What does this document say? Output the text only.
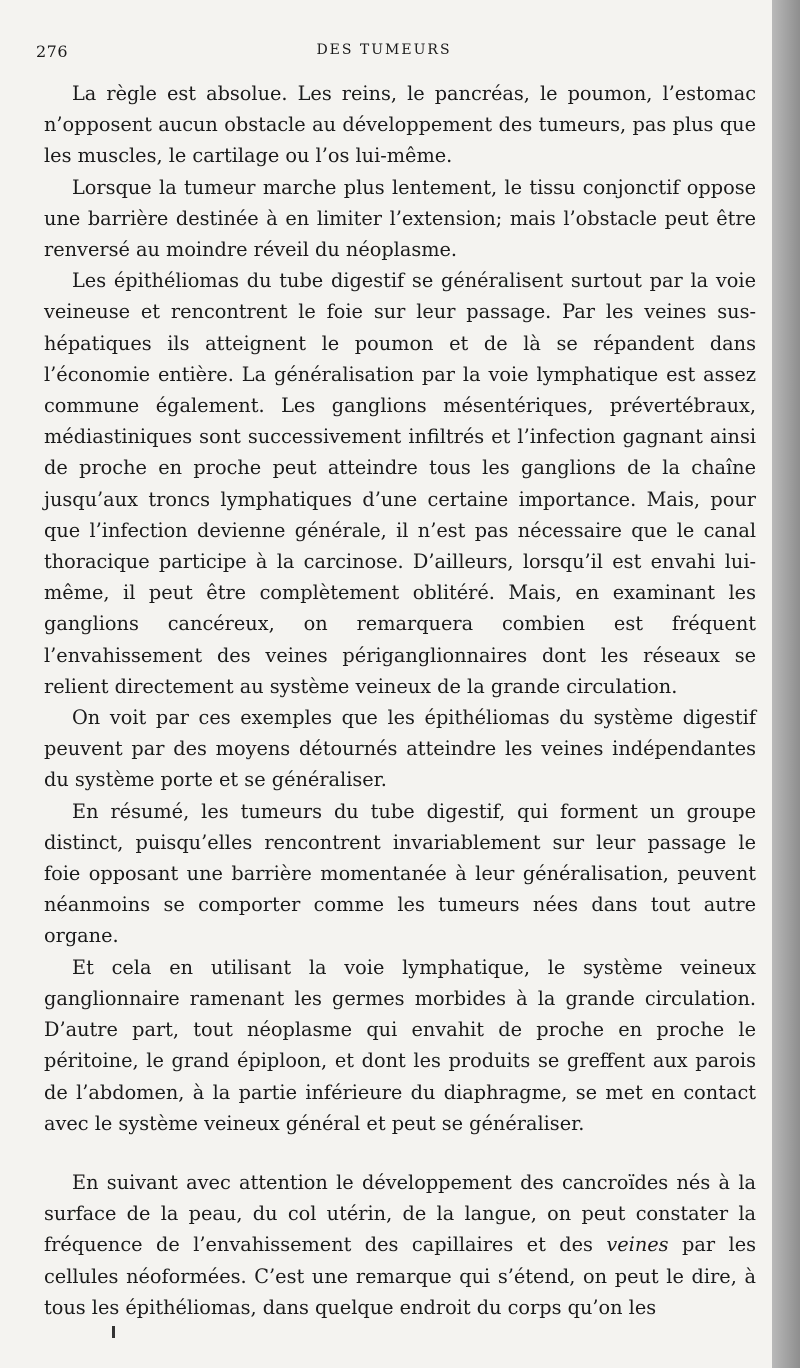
276	DES TUMEURS

La règle est absolue. Les reins, le pancréas, le poumon, l’estomac n’opposent aucun obstacle au développement des tumeurs, pas plus que les muscles, le cartilage ou l’os lui-même.

Lorsque la tumeur marche plus lentement, le tissu conjonctif oppose une barrière destinée à en limiter l’extension; mais l’obstacle peut être renversé au moindre réveil du néoplasme.

Les épithéliomas du tube digestif se généralisent surtout par la voie veineuse et rencontrent le foie sur leur passage. Par les veines sus-hépatiques ils atteignent le poumon et de là se répandent dans l’économie entière. La généralisation par la voie lymphatique est assez commune également. Les ganglions mésentériques, prévertébraux, médiastiniques sont successivement infiltrés et l’infection gagnant ainsi de proche en proche peut atteindre tous les ganglions de la chaîne jusqu’aux troncs lymphatiques d’une certaine importance. Mais, pour que l’infection devienne générale, il n’est pas nécessaire que le canal thoracique participe à la carcinose. D’ailleurs, lorsqu’il est envahi lui-même, il peut être complètement oblitéré. Mais, en examinant les ganglions cancéreux, on remarquera combien est fréquent l’envahissement des veines périganglionnaires dont les réseaux se relient directement au système veineux de la grande circulation.

On voit par ces exemples que les épithéliomas du système digestif peuvent par des moyens détournés atteindre les veines indépendantes du système porte et se généraliser.

En résumé, les tumeurs du tube digestif, qui forment un groupe distinct, puisqu’elles rencontrent invariablement sur leur passage le foie opposant une barrière momentanée à leur généralisation, peuvent néanmoins se comporter comme les tumeurs nées dans tout autre organe.

Et cela en utilisant la voie lymphatique, le système veineux ganglionnaire ramenant les germes morbides à la grande circulation. D’autre part, tout néoplasme qui envahit de proche en proche le péritoine, le grand épiploon, et dont les produits se greffent aux parois de l’abdomen, à la partie inférieure du diaphragme, se met en contact avec le système veineux général et peut se généraliser.

En suivant avec attention le développement des cancroïdes nés à la surface de la peau, du col utérin, de la langue, on peut constater la fréquence de l’envahissement des capillaires et des veines par les cellules néoformées. C’est une remarque qui s’étend, on peut le dire, à tous les épithéliomas, dans quelque endroit du corps qu’on les
